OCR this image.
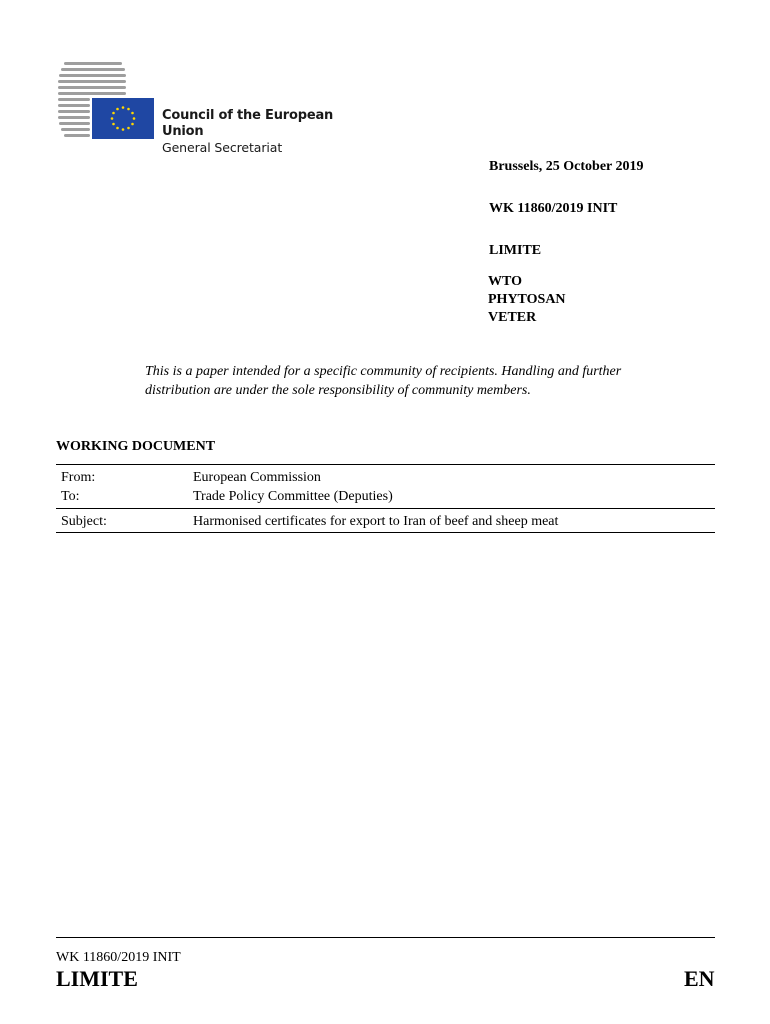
Council of the European Union
General Secretariat
Brussels, 25 October 2019
WK 11860/2019 INIT
LIMITE
WTO
PHYTOSAN
VETER
This is a paper intended for a specific community of recipients. Handling and further distribution are under the sole responsibility of community members.
WORKING DOCUMENT
From:	European Commission
To:	Trade Policy Committee (Deputies)
Subject:	Harmonised certificates for export to Iran of beef and sheep meat
WK 11860/2019 INIT
LIMITE	EN
